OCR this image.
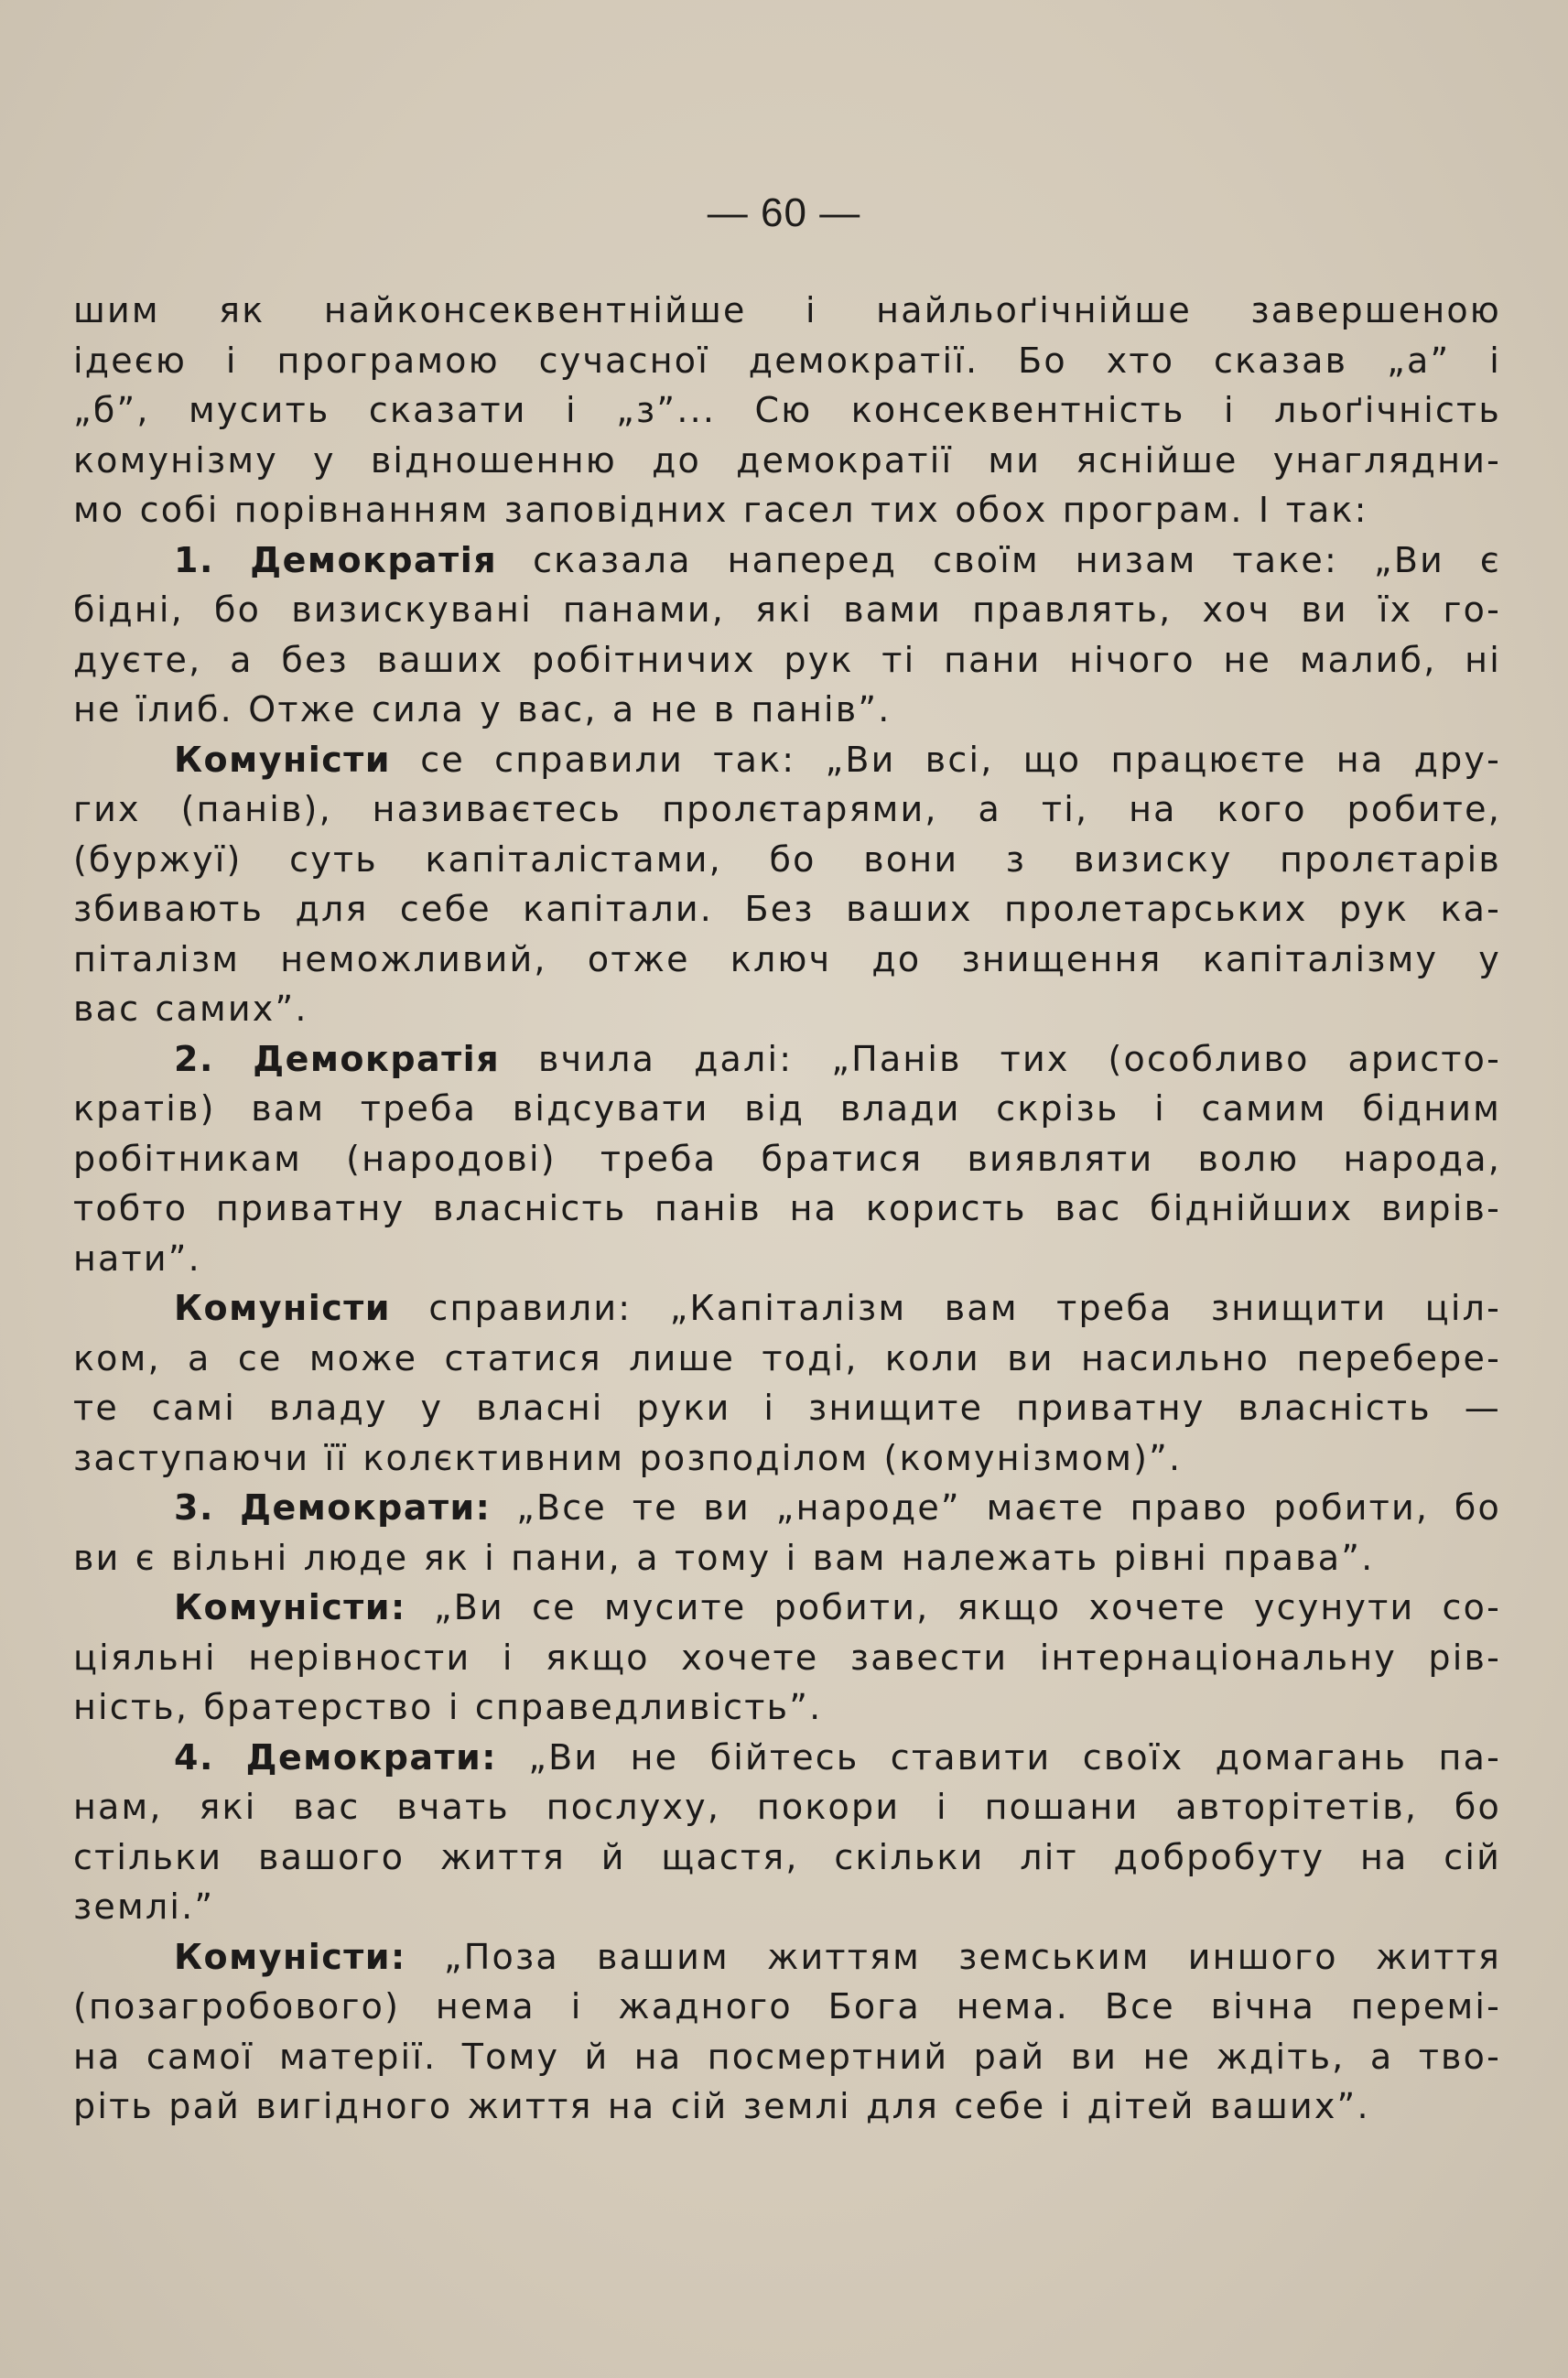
— 60 —
шим як найконсеквентнійше і найльоґічнійше завершеною
ідеєю і програмою сучасної демократії. Бо хто сказав „а” і
„б”, мусить сказати і „з”... Сю консеквентність і льоґічність
комунізму у відношенню до демократії ми яснійше унаглядни-
мо собі порівнанням заповідних гасел тих обох програм. І так:
1. Демократія сказала наперед своїм низам таке: „Ви є
бідні, бо визискувані панами, які вами правлять, хоч ви їх го-
дуєте, а без ваших робітничих рук ті пани нічого не малиб, ні
не їлиб. Отже сила у вас, а не в панів”.
Комуністи се справили так: „Ви всі, що працюєте на дру-
гих (панів), називаєтесь пролєтарями, а ті, на кого робите,
(буржуї) суть капіталістами, бо вони з визиску пролєтарів
збивають для себе капітали. Без ваших пролетарських рук ка-
піталізм неможливий, отже ключ до знищення капіталізму у
вас самих”.
2. Демократія вчила далі: „Панів тих (особливо аристо-
кратів) вам треба відсувати від влади скрізь і самим бідним
робітникам (народові) треба братися виявляти волю народа,
тобто приватну власність панів на користь вас біднійших вирів-
нати”.
Комуністи справили: „Капіталізм вам треба знищити ціл-
ком, а се може статися лише тоді, коли ви насильно переберe-
те самі владу у власні руки і знищите приватну власність —
заступаючи її колєктивним розподілом (комунізмом)”.
3. Демократи: „Все те ви „народе” маєте право робити, бо
ви є вільні люде як і пани, а тому і вам належать рівні права”.
Комуністи: „Ви се мусите робити, якщо хочете усунути со-
ціяльні нерівности і якщо хочете завести інтернаціональну рів-
ність, братерство і справедливість”.
4. Демократи: „Ви не бійтесь ставити своїх домагань па-
нам, які вас вчать послуху, покори і пошани авторітетів, бо
стільки вашого життя й щастя, скільки літ добробуту на сій
землі.”
Комуністи: „Поза вашим життям земським иншого життя
(позагробового) нема і жадного Бога нема. Все вічна перемі-
на самої матерії. Тому й на посмертний рай ви не ждіть, а тво-
ріть рай вигідного життя на сій землі для себе і дітей ваших”.
